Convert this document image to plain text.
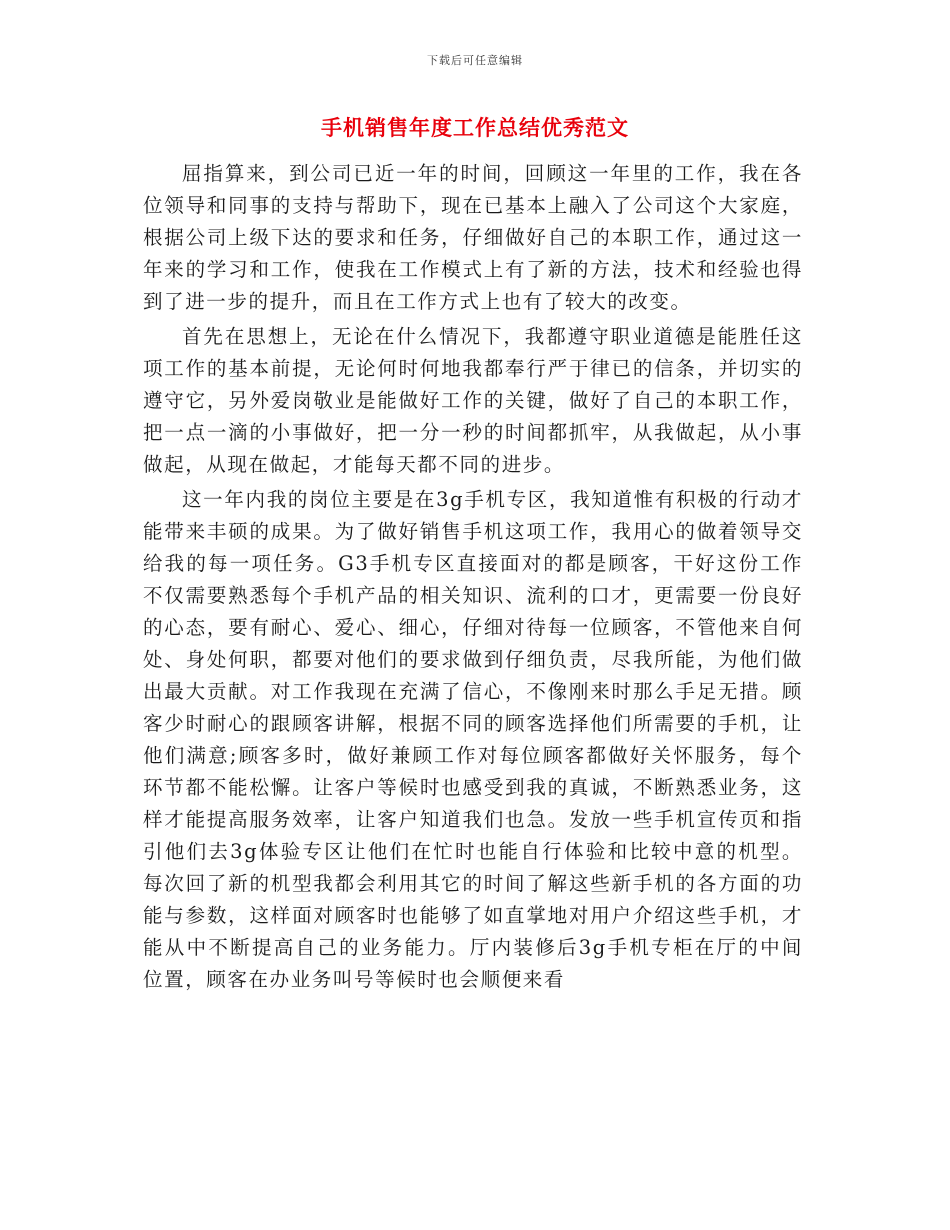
下载后可任意编辑
手机销售年度工作总结优秀范文

屈指算来，到公司已近一年的时间，回顾这一年里的工作，我在各位领导和同事的支持与帮助下，现在已基本上融入了公司这个大家庭，根据公司上级下达的要求和任务，仔细做好自己的本职工作，通过这一年来的学习和工作，使我在工作模式上有了新的方法，技术和经验也得到了进一步的提升，而且在工作方式上也有了较大的改变。

首先在思想上，无论在什么情况下，我都遵守职业道德是能胜任这项工作的基本前提，无论何时何地我都奉行严于律已的信条，并切实的遵守它，另外爱岗敬业是能做好工作的关键，做好了自己的本职工作，把一点一滴的小事做好，把一分一秒的时间都抓牢，从我做起，从小事做起，从现在做起，才能每天都不同的进步。

这一年内我的岗位主要是在3g手机专区，我知道惟有积极的行动才能带来丰硕的成果。为了做好销售手机这项工作，我用心的做着领导交给我的每一项任务。G3手机专区直接面对的都是顾客，干好这份工作不仅需要熟悉每个手机产品的相关知识、流利的口才，更需要一份良好的心态，要有耐心、爱心、细心，仔细对待每一位顾客，不管他来自何处、身处何职，都要对他们的要求做到仔细负责，尽我所能，为他们做出最大贡献。对工作我现在充满了信心，不像刚来时那么手足无措。顾客少时耐心的跟顾客讲解，根据不同的顾客选择他们所需要的手机，让他们满意;顾客多时，做好兼顾工作对每位顾客都做好关怀服务，每个环节都不能松懈。让客户等候时也感受到我的真诚，不断熟悉业务，这样才能提高服务效率，让客户知道我们也急。发放一些手机宣传页和指引他们去3g体验专区让他们在忙时也能自行体验和比较中意的机型。每次回了新的机型我都会利用其它的时间了解这些新手机的各方面的功能与参数，这样面对顾客时也能够了如直掌地对用户介绍这些手机，才能从中不断提高自己的业务能力。厅内装修后3g手机专柜在厅的中间位置，顾客在办业务叫号等候时也会顺便来看
